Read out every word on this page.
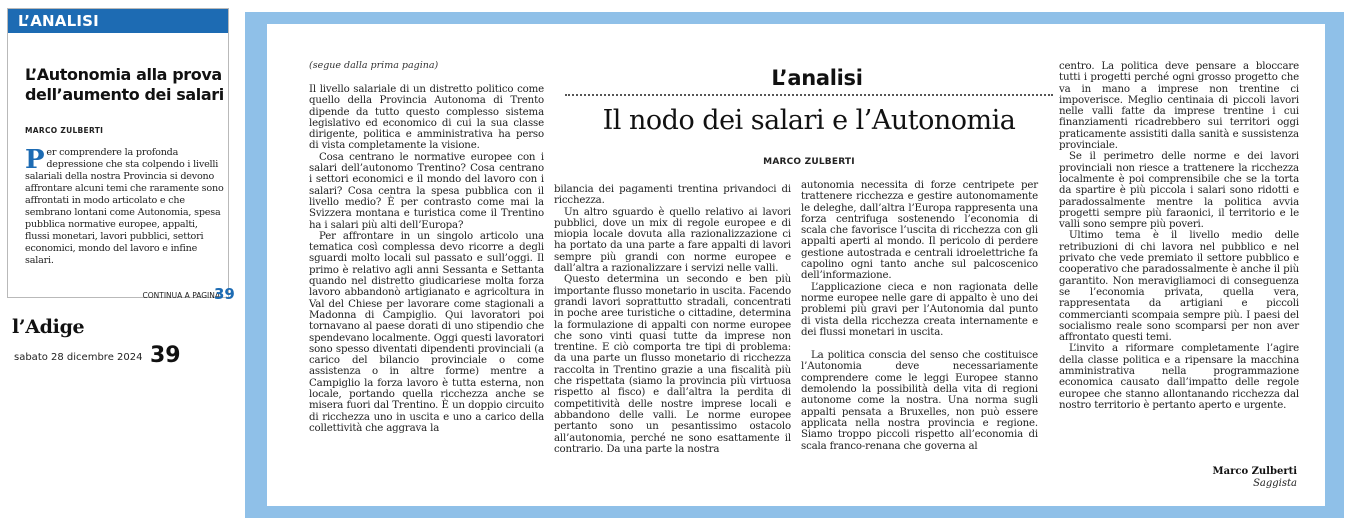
L’ANALISI
L’Autonomia alla prova dell’aumento dei salari
MARCO ZULBERTI
Per comprendere la profonda depressione che sta colpendo i livelli salariali della nostra Provincia si devono affrontare alcuni temi che raramente sono affrontati in modo articolato e che sembrano lontani come Autonomia, spesa pubblica normative europee, appalti, flussi monetari, lavori pubblici, settori economici, mondo del lavoro e infine salari.
CONTINUA A PAGINA
39
l’Adige
sabato 28 dicembre 2024 39
(segue dalla prima pagina)

Il livello salariale di un distretto politico come quello della Provincia Autonoma di Trento dipende da tutto questo complesso sistema legislativo ed economico di cui la sua classe dirigente, politica e amministrativa ha perso di vista completamente la visione.

Cosa centrano le normative europee con i salari dell’autonomo Trentino? Cosa centrano i settori economici e il mondo del lavoro con i salari? Cosa centra la spesa pubblica con il livello medio? È per contrasto come mai la Svizzera montana e turistica come il Trentino ha i salari più alti dell’Europa?

Per affrontare in un singolo articolo una tematica così complessa devo ricorre a degli sguardi molto locali sul passato e sull’oggi. Il primo è relativo agli anni Sessanta e Settanta quando nel distretto giudicariese molta forza lavoro abbandonò artigianato e agricoltura in Val del Chiese per lavorare come stagionali a Madonna di Campiglio. Qui lavoratori poi tornavano al paese dorati di uno stipendio che spendevano localmente. Oggi questi lavoratori sono spesso diventati dipendenti provinciali (a carico del bilancio provinciale o come assistenza o in altre forme) mentre a Campiglio la forza lavoro è tutta esterna, non locale, portando quella ricchezza anche se misera fuori dal Trentino. È un doppio circuito di ricchezza uno in uscita e uno a carico della collettività che aggrava la

L’analisi
Il nodo dei salari e l’Autonomia
MARCO ZULBERTI

bilancia dei pagamenti trentina privandoci di ricchezza.

Un altro sguardo è quello relativo ai lavori pubblici, dove un mix di regole europee e di miopia locale dovuta alla razionalizzazione ci ha portato da una parte a fare appalti di lavori sempre più grandi con norme europee e dall’altra a razionalizzare i servizi nelle valli.

Questo determina un secondo e ben più importante flusso monetario in uscita. Facendo grandi lavori soprattutto stradali, concentrati in poche aree turistiche o cittadine, determina la formulazione di appalti con norme europee che sono vinti quasi tutte da imprese non trentine. E ciò comporta tre tipi di problema: da una parte un flusso monetario di ricchezza raccolta in Trentino grazie a una fiscalità più che rispettata (siamo la provincia più virtuosa rispetto al fisco) e dall’altra la perdita di competitività delle nostre imprese locali e abbandono delle valli. Le norme europee pertanto sono un pesantissimo ostacolo all’autonomia, perché ne sono esattamente il contrario. Da una parte la nostra

autonomia necessita di forze centripete per trattenere ricchezza e gestire autonomamente le deleghe, dall’altra l’Europa rappresenta una forza centrifuga sostenendo l’economia di scala che favorisce l’uscita di ricchezza con gli appalti aperti al mondo. Il pericolo di perdere gestione autostrada e centrali idroelettriche fa capolino ogni tanto anche sul palcoscenico dell’informazione.

L’applicazione cieca e non ragionata delle norme europee nelle gare di appalto è uno dei problemi più gravi per l’Autonomia dal punto di vista della ricchezza creata internamente e dei flussi monetari in uscita.

La politica conscia del senso che costituisce l’Autonomia deve necessariamente comprendere come le leggi Europee stanno demolendo la possibilità della vita di regioni autonome come la nostra. Una norma sugli appalti pensata a Bruxelles, non può essere applicata nella nostra provincia e regione. Siamo troppo piccoli rispetto all’economia di scala franco-renana che governa al

centro. La politica deve pensare a bloccare tutti i progetti perché ogni grosso progetto che va in mano a imprese non trentine ci impoverisce. Meglio centinaia di piccoli lavori nelle valli fatte da imprese trentine i cui finanziamenti ricadrebbero sui territori oggi praticamente assistiti dalla sanità e sussistenza provinciale.

Se il perimetro delle norme e dei lavori provinciali non riesce a trattenere la ricchezza localmente è poi comprensibile che se la torta da spartire è più piccola i salari sono ridotti e paradossalmente mentre la politica avvia progetti sempre più faraonici, il territorio e le valli sono sempre più poveri.

Ultimo tema è il livello medio delle retribuzioni di chi lavora nel pubblico e nel privato che vede premiato il settore pubblico e cooperativo che paradossalmente è anche il più garantito. Non meravigliamoci di conseguenza se l’economia privata, quella vera, rappresentata da artigiani e piccoli commercianti scompaia sempre più. I paesi del socialismo reale sono scomparsi per non aver affrontato questi temi.

L’invito a riformare completamente l’agire della classe politica e a ripensare la macchina amministrativa nella programmazione economica causato dall’impatto delle regole europee che stanno allontanando ricchezza dal nostro territorio è pertanto aperto e urgente.

Marco Zulberti
Saggista
